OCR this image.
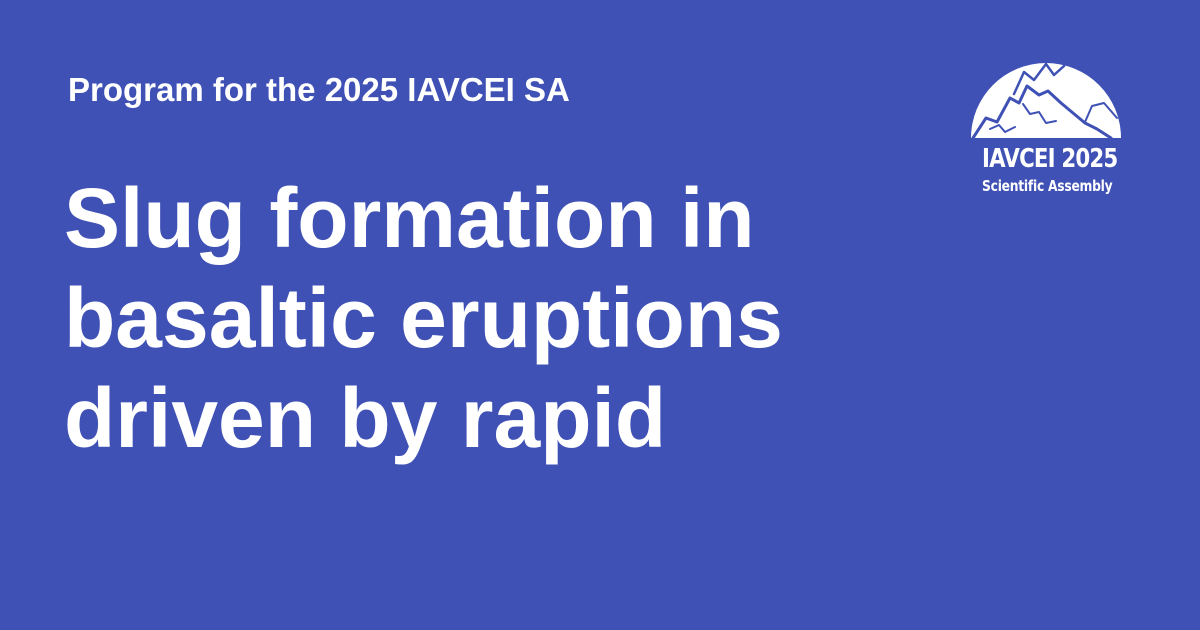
Program for the 2025 IAVCEI SA
Slug formation in
basaltic eruptions
driven by rapid
IAVCEI 2025
Scientific Assembly
